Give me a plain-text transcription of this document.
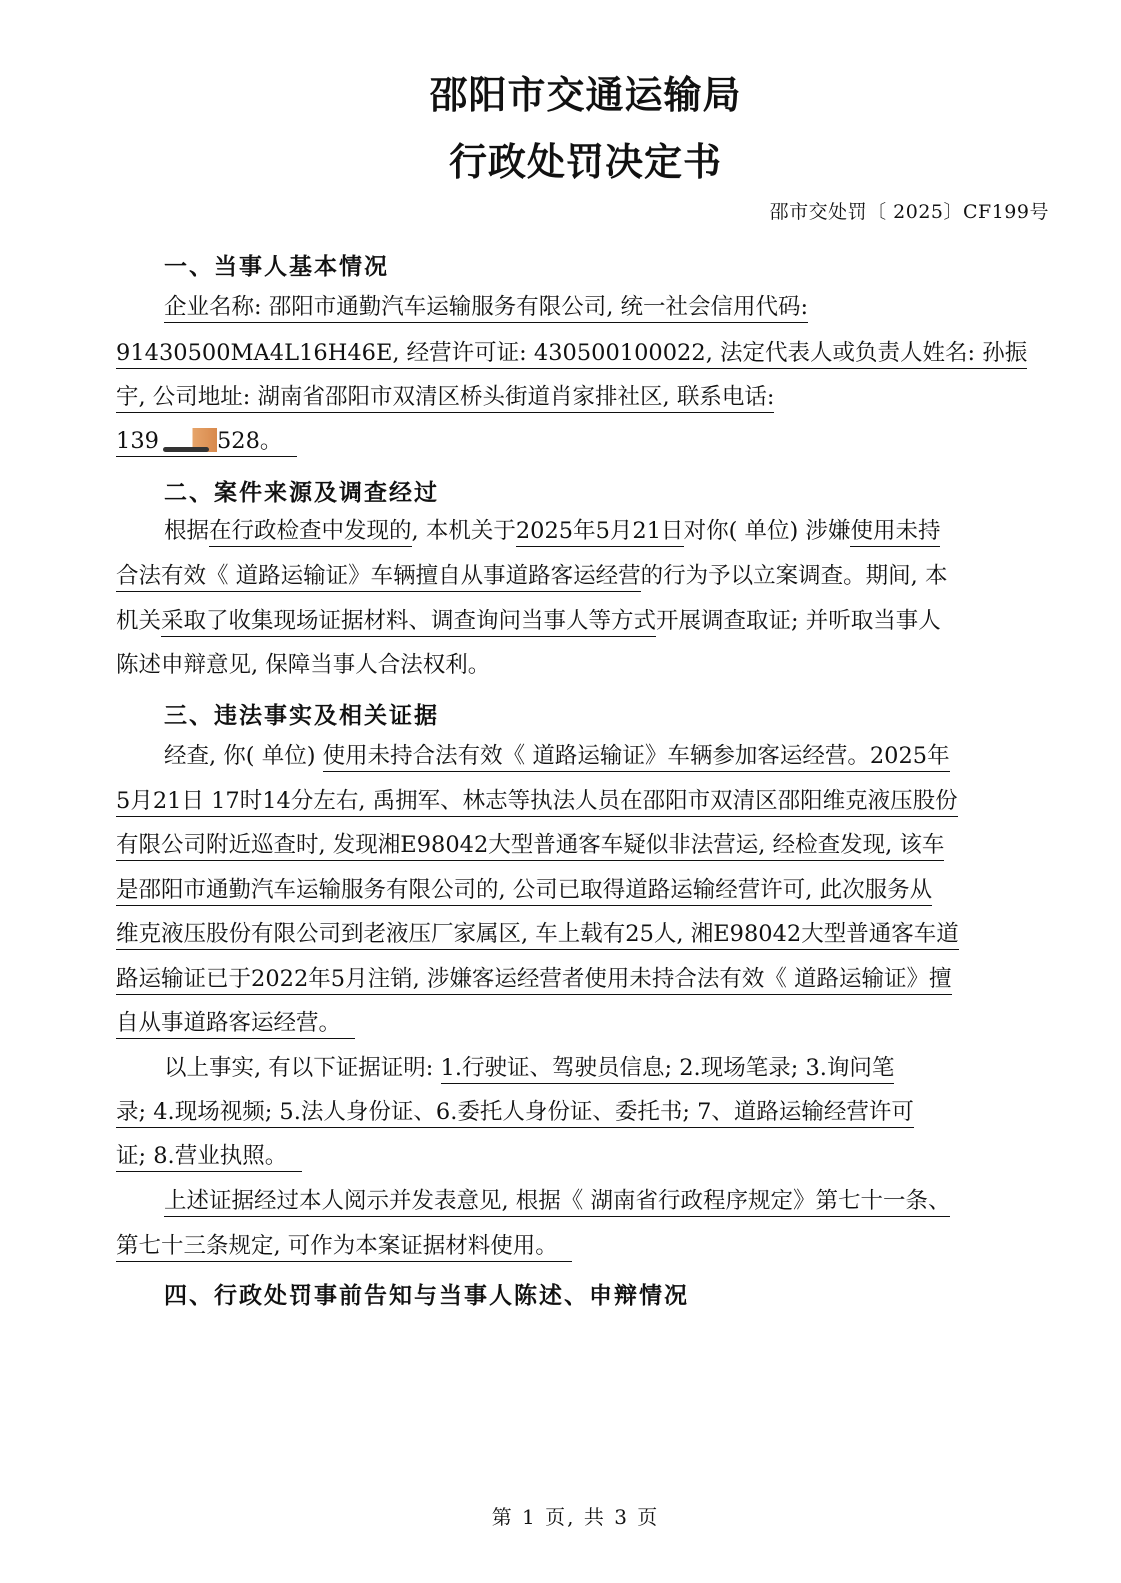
邵阳市交通运输局
行政处罚决定书
邵市交处罚〔 2025〕CF199号
一、当事人基本情况
企业名称: 邵阳市通勤汽车运输服务有限公司, 统一社会信用代码:
91430500MA4L16H46E, 经营许可证: 430500100022, 法定代表人或负责人姓名: 孙振
宇, 公司地址: 湖南省邵阳市双清区桥头街道肖家排社区, 联系电话:
139	528。
二、案件来源及调查经过
根据在行政检查中发现的, 本机关于2025年5月21日对你( 单位) 涉嫌使用未持
合法有效《 道路运输证》车辆擅自从事道路客运经营的行为予以立案调查。期间, 本
机关采取了收集现场证据材料、调查询问当事人等方式开展调查取证; 并听取当事人
陈述申辩意见, 保障当事人合法权利。
三、违法事实及相关证据
经查, 你( 单位) 使用未持合法有效《 道路运输证》车辆参加客运经营。2025年
5月21日 17时14分左右, 禹拥军、林志等执法人员在邵阳市双清区邵阳维克液压股份
有限公司附近巡查时, 发现湘E98042大型普通客车疑似非法营运, 经检查发现, 该车
是邵阳市通勤汽车运输服务有限公司的, 公司已取得道路运输经营许可, 此次服务从
维克液压股份有限公司到老液压厂家属区, 车上载有25人, 湘E98042大型普通客车道
路运输证已于2022年5月注销, 涉嫌客运经营者使用未持合法有效《 道路运输证》擅
自从事道路客运经营。
以上事实, 有以下证据证明: 1.行驶证、驾驶员信息; 2.现场笔录; 3.询问笔
录; 4.现场视频; 5.法人身份证、6.委托人身份证、委托书; 7、道路运输经营许可
证; 8.营业执照。
上述证据经过本人阅示并发表意见, 根据《 湖南省行政程序规定》第七十一条、
第七十三条规定, 可作为本案证据材料使用。
四、行政处罚事前告知与当事人陈述、申辩情况
第 1 页, 共 3 页
